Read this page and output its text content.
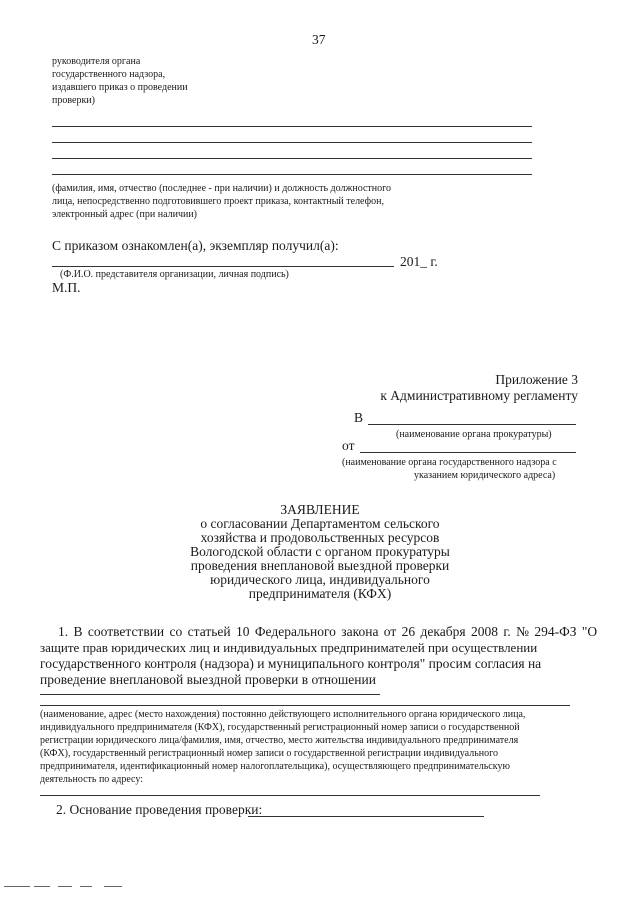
37
руководителя органа
государственного надзора,
издавшего приказ о проведении
проверки)
(фамилия, имя, отчество (последнее - при наличии) и должность должностного
лица, непосредственно подготовившего проект приказа, контактный телефон,
электронный адрес (при наличии)
С приказом ознакомлен(а), экземпляр получил(а):
201_ г.
(Ф.И.О. представителя организации, личная подпись)
М.П.
Приложение 3
к Административному регламенту
В
(наименование органа прокуратуры)
от
(наименование органа государственного надзора с
указанием юридического адреса)
ЗАЯВЛЕНИЕ
о согласовании Департаментом сельского
хозяйства и продовольственных ресурсов
Вологодской области с органом прокуратуры
проведения внеплановой выездной проверки
юридического лица, индивидуального
предпринимателя (КФХ)
1. В соответствии со статьей 10 Федерального закона от 26 декабря 2008 г. № 294-ФЗ "О
защите прав юридических лиц и индивидуальных предпринимателей при осуществлении
государственного контроля (надзора) и муниципального контроля" просим согласия на
проведение внеплановой выездной проверки в отношении
(наименование, адрес (место нахождения) постоянно действующего исполнительного органа юридического лица,
индивидуального предпринимателя (КФХ), государственный регистрационный номер записи о государственной
регистрации юридического лица/фамилия, имя, отчество, место жительства индивидуального предпринимателя
(КФХ), государственный регистрационный номер записи о государственной регистрации индивидуального
предпринимателя, идентификационный номер налогоплательщика), осуществляющего предпринимательскую
деятельность по адресу:
2. Основание проведения проверки:
